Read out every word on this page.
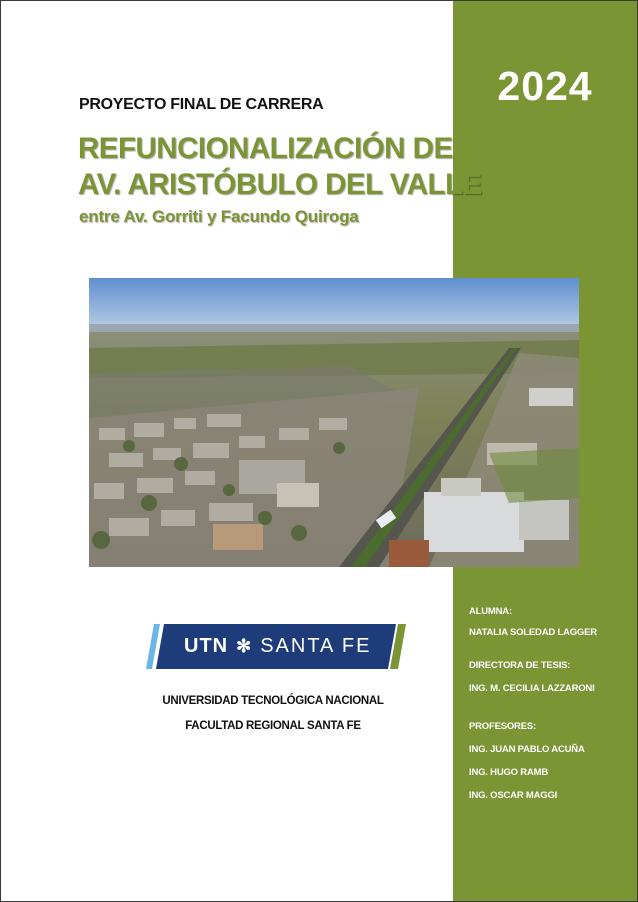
2024
PROYECTO FINAL DE CARRERA
REFUNCIONALIZACIÓN DE
AV. ARISTÓBULO DEL VALLE
entre Av. Gorriti y Facundo Quiroga
UTN ✻ SANTA FE
UNIVERSIDAD TECNOLÓGICA NACIONAL
FACULTAD REGIONAL SANTA FE
ALUMNA:
NATALIA SOLEDAD LAGGER
DIRECTORA DE TESIS:
ING. M. CECILIA LAZZARONI
PROFESORES:
ING. JUAN PABLO ACUÑA
ING. HUGO RAMB
ING. OSCAR MAGGI
